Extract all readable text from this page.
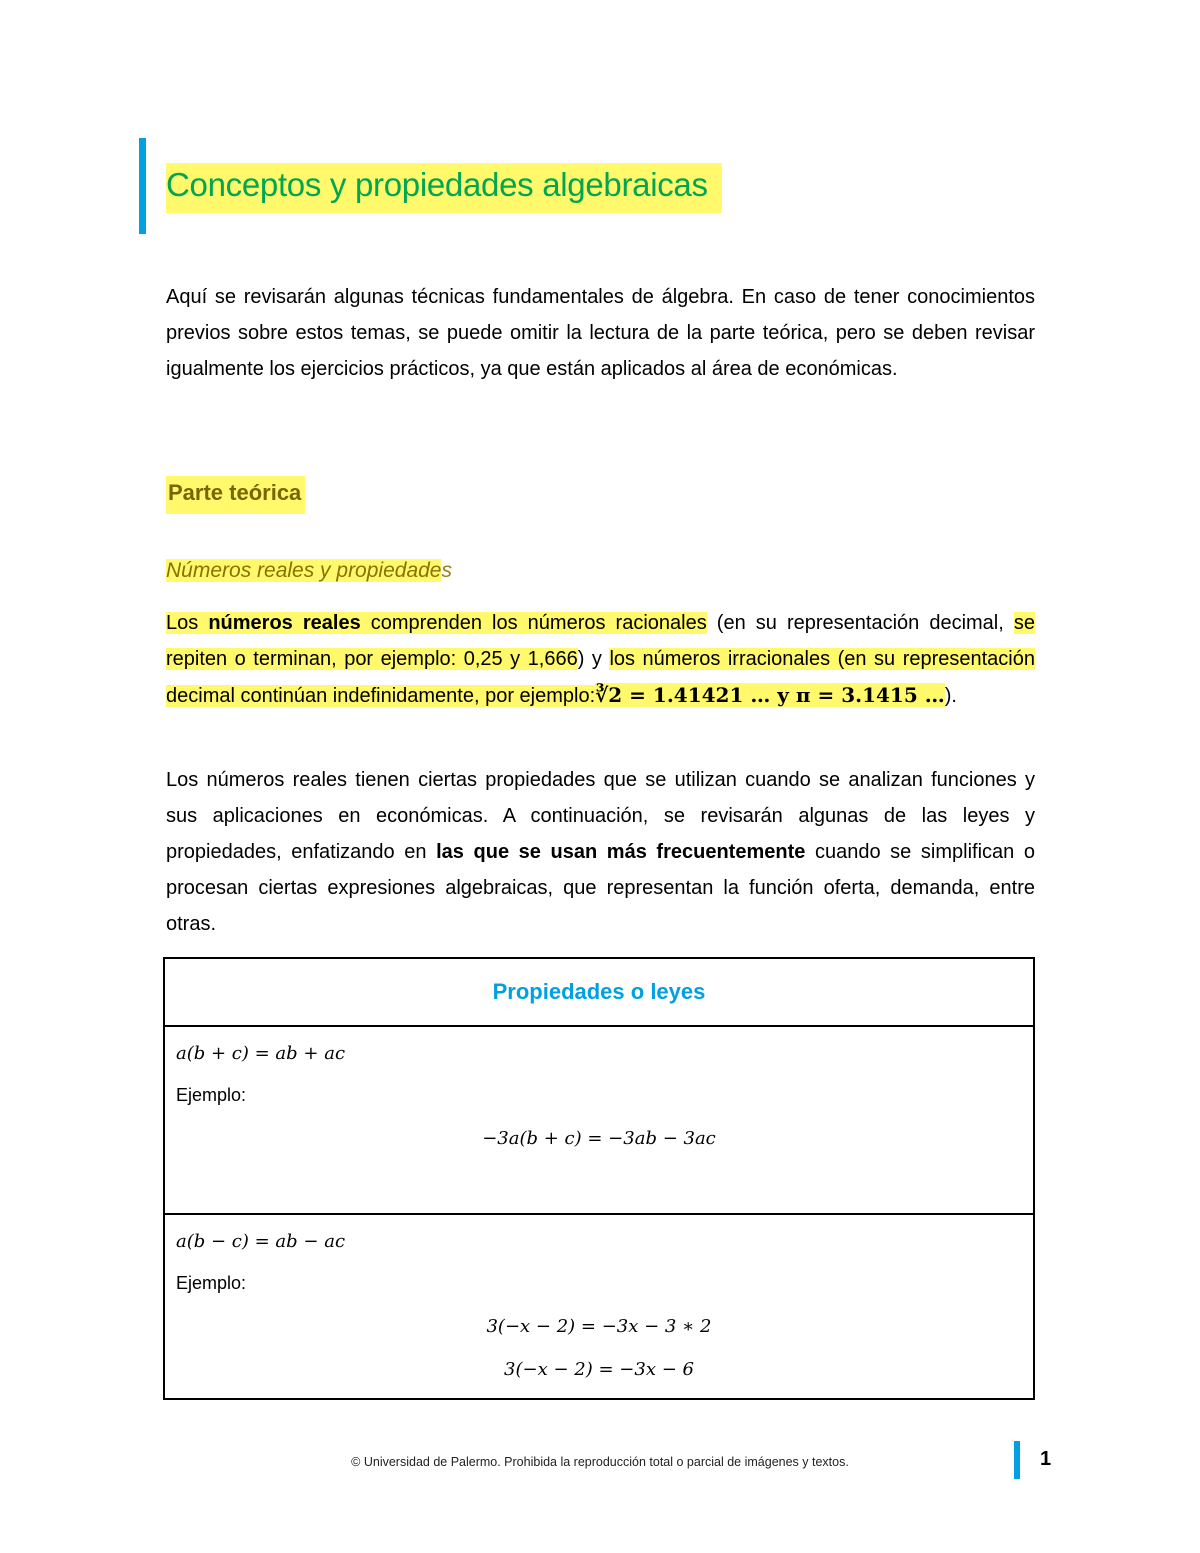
Conceptos y propiedades algebraicas
Aquí se revisarán algunas técnicas fundamentales de álgebra. En caso de tener conocimientos previos sobre estos temas, se puede omitir la lectura de la parte teórica, pero se deben revisar igualmente los ejercicios prácticos, ya que están aplicados al área de económicas.
Parte teórica
Números reales y propiedades
Los números reales comprenden los números racionales (en su representación decimal, se repiten o terminan, por ejemplo: 0,25 y 1,666) y los números irracionales (en su representación decimal continúan indefinidamente, por ejemplo:∛2 = 1.41421 … y π = 3.1415 …).
Los números reales tienen ciertas propiedades que se utilizan cuando se analizan funciones y sus aplicaciones en económicas. A continuación, se revisarán algunas de las leyes y propiedades, enfatizando en las que se usan más frecuentemente cuando se simplifican o procesan ciertas expresiones algebraicas, que representan la función oferta, demanda, entre otras.
Propiedades o leyes
a(b + c) = ab + ac
Ejemplo:
−3a(b + c) = −3ab − 3ac
a(b − c) = ab − ac
Ejemplo:
3(−x − 2) = −3x − 3 ∗ 2
3(−x − 2) = −3x − 6
© Universidad de Palermo. Prohibida la reproducción total o parcial de imágenes y textos.	1
